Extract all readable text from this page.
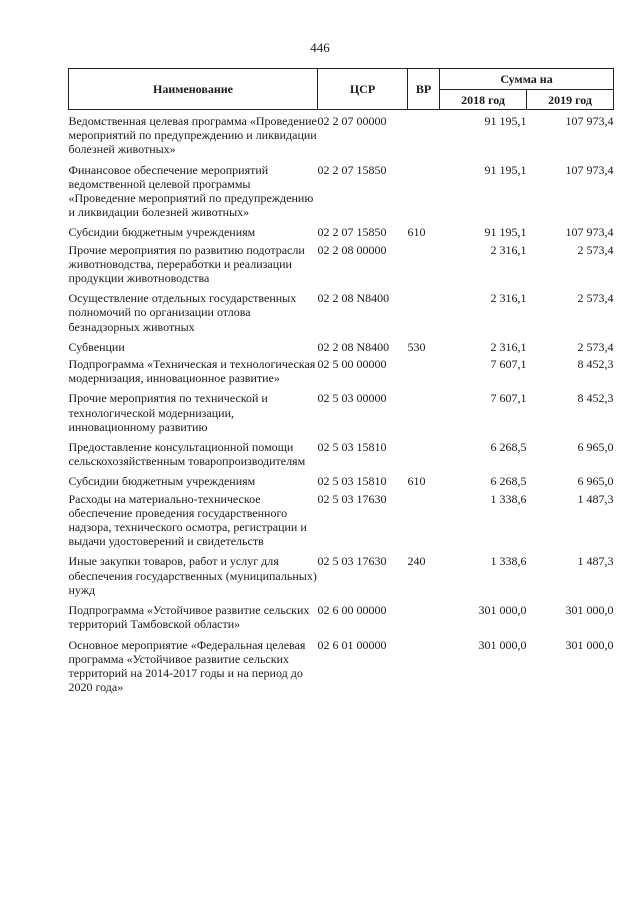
446
Наименование	ЦСР	ВР	Сумма на	
			2018 год	2019 год
Ведомственная целевая программа «Проведение мероприятий по предупреждению и ликвидации болезней животных»	02 2 07 00000		91 195,1	107 973,4
Финансовое обеспечение мероприятий ведомственной целевой программы «Проведение мероприятий по предупреждению и ликвидации болезней животных»	02 2 07 15850		91 195,1	107 973,4
Субсидии бюджетным учреждениям	02 2 07 15850	610	91 195,1	107 973,4
Прочие мероприятия по развитию подотрасли животноводства, переработки и реализации продукции животноводства	02 2 08 00000		2 316,1	2 573,4
Осуществление отдельных государственных полномочий по организации отлова безнадзорных животных	02 2 08 N8400		2 316,1	2 573,4
Субвенции	02 2 08 N8400	530	2 316,1	2 573,4
Подпрограмма «Техническая и технологическая модернизация, инновационное развитие»	02 5 00 00000		7 607,1	8 452,3
Прочие мероприятия по технической и технологической модернизации, инновационному развитию	02 5 03 00000		7 607,1	8 452,3
Предоставление консультационной помощи сельскохозяйственным товаропроизводителям	02 5 03 15810		6 268,5	6 965,0
Субсидии бюджетным учреждениям	02 5 03 15810	610	6 268,5	6 965,0
Расходы на материально-техническое обеспечение проведения государственного надзора, технического осмотра, регистрации и выдачи удостоверений и свидетельств	02 5 03 17630		1 338,6	1 487,3
Иные закупки товаров, работ и услуг для обеспечения государственных (муниципальных) нужд	02 5 03 17630	240	1 338,6	1 487,3
Подпрограмма «Устойчивое развитие сельских территорий Тамбовской области»	02 6 00 00000		301 000,0	301 000,0
Основное мероприятие «Федеральная целевая программа «Устойчивое развитие сельских территорий на 2014-2017 годы и на период до 2020 года»	02 6 01 00000		301 000,0	301 000,0
